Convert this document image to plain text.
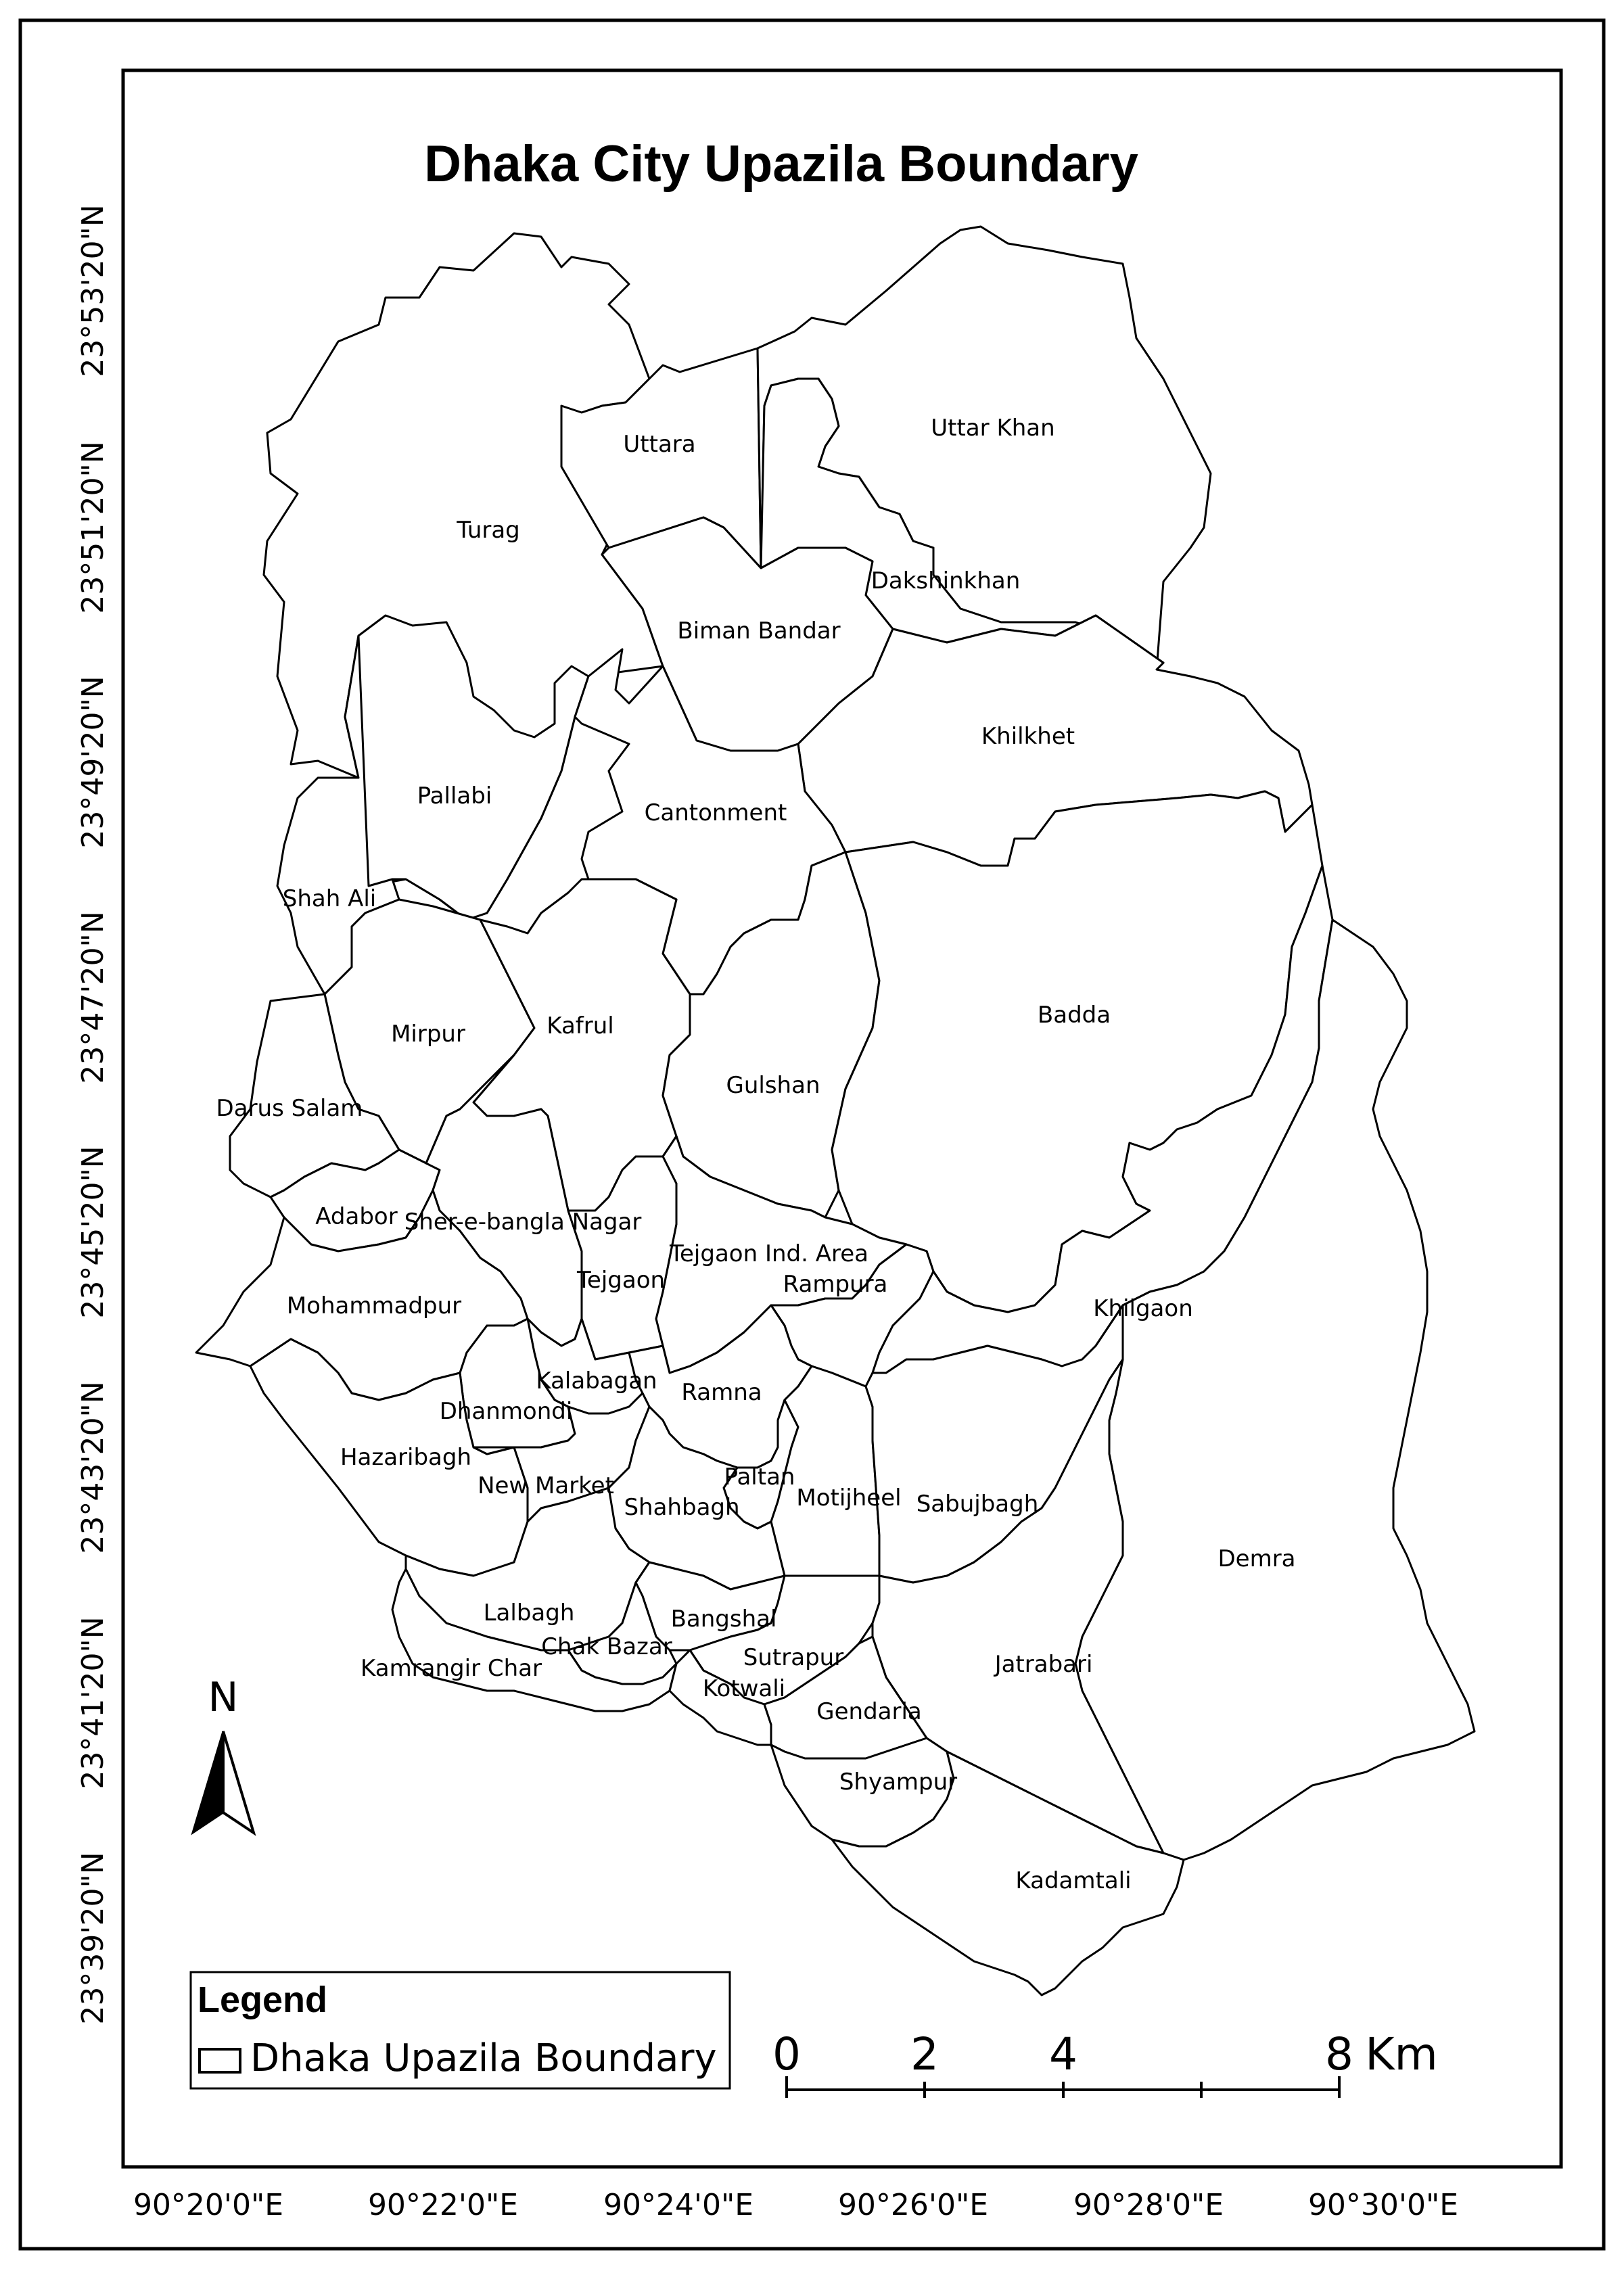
Dhaka City Upazila Boundary
23°53'20"N
23°51'20"N
23°49'20"N
23°47'20"N
23°45'20"N
23°43'20"N
23°41'20"N
23°39'20"N
90°20'0"E	90°22'0"E	90°24'0"E	90°26'0"E	90°28'0"E	90°30'0"E
Turag
Uttara
Uttar Khan
Dakshinkhan
Biman Bandar
Khilkhet
Pallabi
Cantonment
Shah Ali
Mirpur	Kafrul	Badda
Gulshan
Darus Salam
Adabor Sher-e-bangla Nagar
Tejgaon Ind. Area
Rampura
Tejgaon
Khilgaon
Mohammadpur
Kalabagan Ramna
Dhanmondi
Hazaribagh
Paltan
New Market	Motijheel Sabujbagh
Shahbagh
Demra
Lalbagh	Bangshal
Chak Bazar	Sutrapur	Jatrabari
Kamrangir Char
Kotwali
Gendaria
Shyampur
Kadamtali
N
Legend
Dhaka Upazila Boundary 0 2 4	8 Km
